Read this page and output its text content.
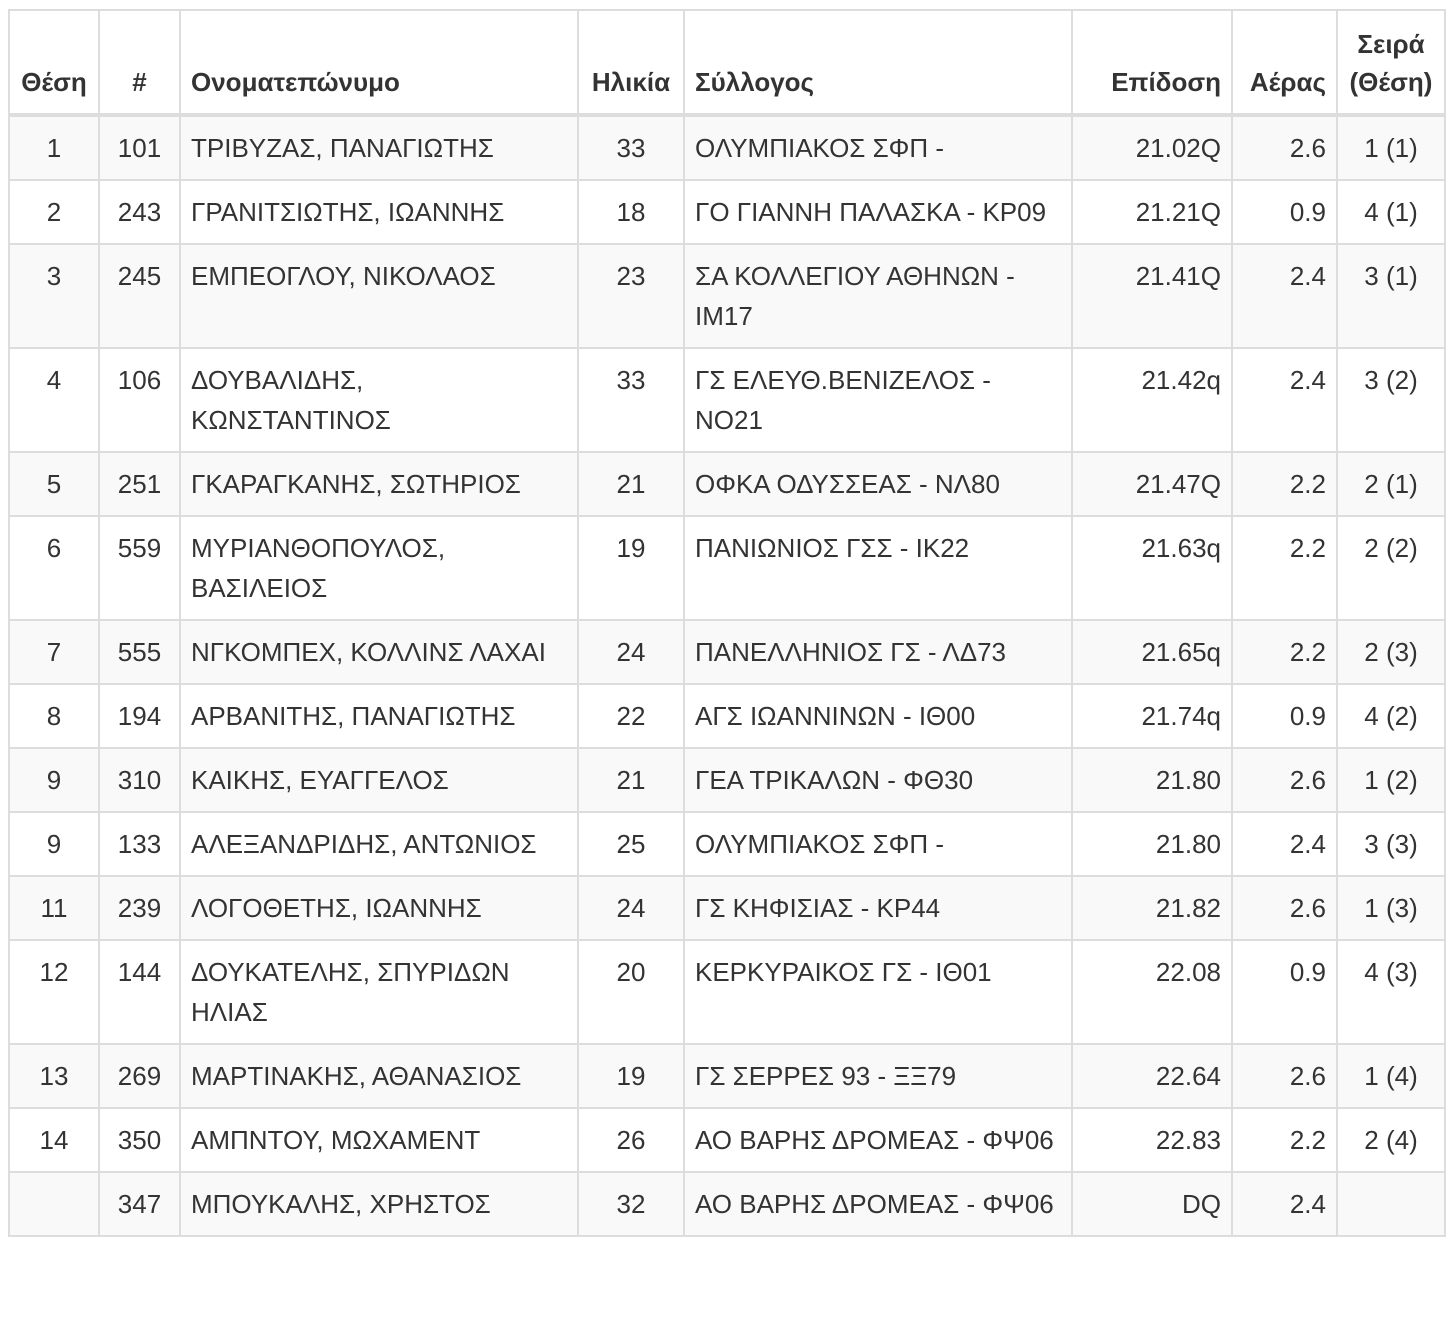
Θέση	#	Ονοματεπώνυμο	Ηλικία	Σύλλογος	Επίδοση	Αέρας	Σειρά
(Θέση)
1	101	ΤΡΙΒΥΖΑΣ, ΠΑΝΑΓΙΩΤΗΣ	33	ΟΛΥΜΠΙΑΚΟΣ ΣΦΠ -	21.02Q	2.6	1 (1)
2	243	ΓΡΑΝΙΤΣΙΩΤΗΣ, ΙΩΑΝΝΗΣ	18	ΓΟ ΓΙΑΝΝΗ ΠΑΛΑΣΚΑ - ΚΡ09	21.21Q	0.9	4 (1)
3	245	ΕΜΠΕΟΓΛΟΥ, ΝΙΚΟΛΑΟΣ	23	ΣΑ ΚΟΛΛΕΓΙΟΥ ΑΘΗΝΩΝ - ΙΜ17	21.41Q	2.4	3 (1)
4	106	ΔΟΥΒΑΛΙΔΗΣ, ΚΩΝΣΤΑΝΤΙΝΟΣ	33	ΓΣ ΕΛΕΥΘ.ΒΕΝΙΖΕΛΟΣ - ΝΟ21	21.42q	2.4	3 (2)
5	251	ΓΚΑΡΑΓΚΑΝΗΣ, ΣΩΤΗΡΙΟΣ	21	ΟΦΚΑ ΟΔΥΣΣΕΑΣ - ΝΛ80	21.47Q	2.2	2 (1)
6	559	ΜΥΡΙΑΝΘΟΠΟΥΛΟΣ, ΒΑΣΙΛΕΙΟΣ	19	ΠΑΝΙΩΝΙΟΣ ΓΣΣ - ΙΚ22	21.63q	2.2	2 (2)
7	555	ΝΓΚΟΜΠΕΧ, ΚΟΛΛΙΝΣ ΛΑΧΑΙ	24	ΠΑΝΕΛΛΗΝΙΟΣ ΓΣ - ΛΔ73	21.65q	2.2	2 (3)
8	194	ΑΡΒΑΝΙΤΗΣ, ΠΑΝΑΓΙΩΤΗΣ	22	ΑΓΣ ΙΩΑΝΝΙΝΩΝ - ΙΘ00	21.74q	0.9	4 (2)
9	310	ΚΑΙΚΗΣ, ΕΥΑΓΓΕΛΟΣ	21	ΓΕΑ ΤΡΙΚΑΛΩΝ - ΦΘ30	21.80	2.6	1 (2)
9	133	ΑΛΕΞΑΝΔΡΙΔΗΣ, ΑΝΤΩΝΙΟΣ	25	ΟΛΥΜΠΙΑΚΟΣ ΣΦΠ -	21.80	2.4	3 (3)
11	239	ΛΟΓΟΘΕΤΗΣ, ΙΩΑΝΝΗΣ	24	ΓΣ ΚΗΦΙΣΙΑΣ - ΚΡ44	21.82	2.6	1 (3)
12	144	ΔΟΥΚΑΤΕΛΗΣ, ΣΠΥΡΙΔΩΝ ΗΛΙΑΣ	20	ΚΕΡΚΥΡΑΙΚΟΣ ΓΣ - ΙΘ01	22.08	0.9	4 (3)
13	269	ΜΑΡΤΙΝΑΚΗΣ, ΑΘΑΝΑΣΙΟΣ	19	ΓΣ ΣΕΡΡΕΣ 93 - ΞΞ79	22.64	2.6	1 (4)
14	350	ΑΜΠΝΤΟΥ, ΜΩΧΑΜΕΝΤ	26	ΑΟ ΒΑΡΗΣ ΔΡΟΜΕΑΣ - ΦΨ06	22.83	2.2	2 (4)
	347	ΜΠΟΥΚΑΛΗΣ, ΧΡΗΣΤΟΣ	32	ΑΟ ΒΑΡΗΣ ΔΡΟΜΕΑΣ - ΦΨ06	DQ	2.4	
